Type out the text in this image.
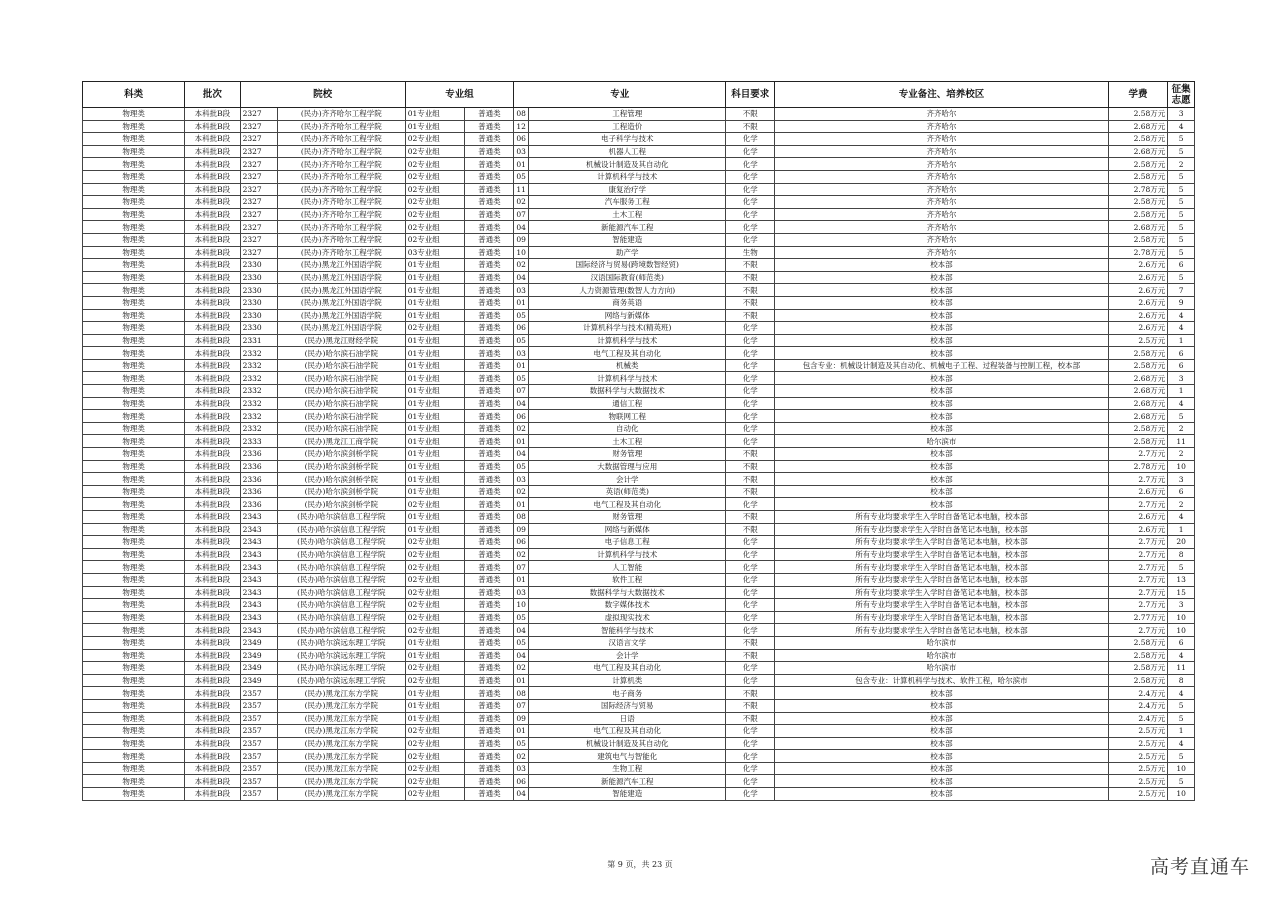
科类	批次	院校		专业组		专业		科目要求	专业备注、培养校区	学费	征集志愿
物理类	本科批B段	2327	(民办)齐齐哈尔工程学院	01专业组	普通类	08	工程管理	不限	齐齐哈尔	2.58万元	3
物理类	本科批B段	2327	(民办)齐齐哈尔工程学院	01专业组	普通类	12	工程造价	不限	齐齐哈尔	2.68万元	4
物理类	本科批B段	2327	(民办)齐齐哈尔工程学院	02专业组	普通类	06	电子科学与技术	化学	齐齐哈尔	2.58万元	5
物理类	本科批B段	2327	(民办)齐齐哈尔工程学院	02专业组	普通类	03	机器人工程	化学	齐齐哈尔	2.68万元	5
物理类	本科批B段	2327	(民办)齐齐哈尔工程学院	02专业组	普通类	01	机械设计制造及其自动化	化学	齐齐哈尔	2.58万元	2
物理类	本科批B段	2327	(民办)齐齐哈尔工程学院	02专业组	普通类	05	计算机科学与技术	化学	齐齐哈尔	2.58万元	5
物理类	本科批B段	2327	(民办)齐齐哈尔工程学院	02专业组	普通类	11	康复治疗学	化学	齐齐哈尔	2.78万元	5
物理类	本科批B段	2327	(民办)齐齐哈尔工程学院	02专业组	普通类	02	汽车服务工程	化学	齐齐哈尔	2.58万元	5
物理类	本科批B段	2327	(民办)齐齐哈尔工程学院	02专业组	普通类	07	土木工程	化学	齐齐哈尔	2.58万元	5
物理类	本科批B段	2327	(民办)齐齐哈尔工程学院	02专业组	普通类	04	新能源汽车工程	化学	齐齐哈尔	2.68万元	5
物理类	本科批B段	2327	(民办)齐齐哈尔工程学院	02专业组	普通类	09	智能建造	化学	齐齐哈尔	2.58万元	5
物理类	本科批B段	2327	(民办)齐齐哈尔工程学院	03专业组	普通类	10	助产学	生物	齐齐哈尔	2.78万元	5
物理类	本科批B段	2330	(民办)黑龙江外国语学院	01专业组	普通类	02	国际经济与贸易(跨境数智经贸)	不限	校本部	2.6万元	6
物理类	本科批B段	2330	(民办)黑龙江外国语学院	01专业组	普通类	04	汉语国际教育(师范类)	不限	校本部	2.6万元	5
物理类	本科批B段	2330	(民办)黑龙江外国语学院	01专业组	普通类	03	人力资源管理(数智人力方向)	不限	校本部	2.6万元	7
物理类	本科批B段	2330	(民办)黑龙江外国语学院	01专业组	普通类	01	商务英语	不限	校本部	2.6万元	9
物理类	本科批B段	2330	(民办)黑龙江外国语学院	01专业组	普通类	05	网络与新媒体	不限	校本部	2.6万元	4
物理类	本科批B段	2330	(民办)黑龙江外国语学院	02专业组	普通类	06	计算机科学与技术(精英班)	化学	校本部	2.6万元	4
物理类	本科批B段	2331	(民办)黑龙江财经学院	01专业组	普通类	05	计算机科学与技术	化学	校本部	2.5万元	1
物理类	本科批B段	2332	(民办)哈尔滨石油学院	01专业组	普通类	03	电气工程及其自动化	化学	校本部	2.58万元	6
物理类	本科批B段	2332	(民办)哈尔滨石油学院	01专业组	普通类	01	机械类	化学	包含专业：机械设计制造及其自动化、机械电子工程、过程装备与控制工程，校本部	2.58万元	6
物理类	本科批B段	2332	(民办)哈尔滨石油学院	01专业组	普通类	05	计算机科学与技术	化学	校本部	2.68万元	3
物理类	本科批B段	2332	(民办)哈尔滨石油学院	01专业组	普通类	07	数据科学与大数据技术	化学	校本部	2.68万元	1
物理类	本科批B段	2332	(民办)哈尔滨石油学院	01专业组	普通类	04	通信工程	化学	校本部	2.68万元	4
物理类	本科批B段	2332	(民办)哈尔滨石油学院	01专业组	普通类	06	物联网工程	化学	校本部	2.68万元	5
物理类	本科批B段	2332	(民办)哈尔滨石油学院	01专业组	普通类	02	自动化	化学	校本部	2.58万元	2
物理类	本科批B段	2333	(民办)黑龙江工商学院	01专业组	普通类	01	土木工程	化学	哈尔滨市	2.58万元	11
物理类	本科批B段	2336	(民办)哈尔滨剑桥学院	01专业组	普通类	04	财务管理	不限	校本部	2.7万元	2
物理类	本科批B段	2336	(民办)哈尔滨剑桥学院	01专业组	普通类	05	大数据管理与应用	不限	校本部	2.78万元	10
物理类	本科批B段	2336	(民办)哈尔滨剑桥学院	01专业组	普通类	03	会计学	不限	校本部	2.7万元	3
物理类	本科批B段	2336	(民办)哈尔滨剑桥学院	01专业组	普通类	02	英语(师范类)	不限	校本部	2.6万元	6
物理类	本科批B段	2336	(民办)哈尔滨剑桥学院	02专业组	普通类	01	电气工程及其自动化	化学	校本部	2.7万元	2
物理类	本科批B段	2343	(民办)哈尔滨信息工程学院	01专业组	普通类	08	财务管理	不限	所有专业均要求学生入学时自备笔记本电脑，校本部	2.6万元	4
物理类	本科批B段	2343	(民办)哈尔滨信息工程学院	01专业组	普通类	09	网络与新媒体	不限	所有专业均要求学生入学时自备笔记本电脑，校本部	2.6万元	1
物理类	本科批B段	2343	(民办)哈尔滨信息工程学院	02专业组	普通类	06	电子信息工程	化学	所有专业均要求学生入学时自备笔记本电脑，校本部	2.7万元	20
物理类	本科批B段	2343	(民办)哈尔滨信息工程学院	02专业组	普通类	02	计算机科学与技术	化学	所有专业均要求学生入学时自备笔记本电脑，校本部	2.7万元	8
物理类	本科批B段	2343	(民办)哈尔滨信息工程学院	02专业组	普通类	07	人工智能	化学	所有专业均要求学生入学时自备笔记本电脑，校本部	2.7万元	5
物理类	本科批B段	2343	(民办)哈尔滨信息工程学院	02专业组	普通类	01	软件工程	化学	所有专业均要求学生入学时自备笔记本电脑，校本部	2.7万元	13
物理类	本科批B段	2343	(民办)哈尔滨信息工程学院	02专业组	普通类	03	数据科学与大数据技术	化学	所有专业均要求学生入学时自备笔记本电脑，校本部	2.7万元	15
物理类	本科批B段	2343	(民办)哈尔滨信息工程学院	02专业组	普通类	10	数字媒体技术	化学	所有专业均要求学生入学时自备笔记本电脑，校本部	2.7万元	3
物理类	本科批B段	2343	(民办)哈尔滨信息工程学院	02专业组	普通类	05	虚拟现实技术	化学	所有专业均要求学生入学时自备笔记本电脑，校本部	2.77万元	10
物理类	本科批B段	2343	(民办)哈尔滨信息工程学院	02专业组	普通类	04	智能科学与技术	化学	所有专业均要求学生入学时自备笔记本电脑，校本部	2.7万元	10
物理类	本科批B段	2349	(民办)哈尔滨远东理工学院	01专业组	普通类	05	汉语言文学	不限	哈尔滨市	2.58万元	6
物理类	本科批B段	2349	(民办)哈尔滨远东理工学院	01专业组	普通类	04	会计学	不限	哈尔滨市	2.58万元	4
物理类	本科批B段	2349	(民办)哈尔滨远东理工学院	02专业组	普通类	02	电气工程及其自动化	化学	哈尔滨市	2.58万元	11
物理类	本科批B段	2349	(民办)哈尔滨远东理工学院	02专业组	普通类	01	计算机类	化学	包含专业：计算机科学与技术、软件工程，哈尔滨市	2.58万元	8
物理类	本科批B段	2357	(民办)黑龙江东方学院	01专业组	普通类	08	电子商务	不限	校本部	2.4万元	4
物理类	本科批B段	2357	(民办)黑龙江东方学院	01专业组	普通类	07	国际经济与贸易	不限	校本部	2.4万元	5
物理类	本科批B段	2357	(民办)黑龙江东方学院	01专业组	普通类	09	日语	不限	校本部	2.4万元	5
物理类	本科批B段	2357	(民办)黑龙江东方学院	02专业组	普通类	01	电气工程及其自动化	化学	校本部	2.5万元	1
物理类	本科批B段	2357	(民办)黑龙江东方学院	02专业组	普通类	05	机械设计制造及其自动化	化学	校本部	2.5万元	4
物理类	本科批B段	2357	(民办)黑龙江东方学院	02专业组	普通类	02	建筑电气与智能化	化学	校本部	2.5万元	5
物理类	本科批B段	2357	(民办)黑龙江东方学院	02专业组	普通类	03	生物工程	化学	校本部	2.5万元	10
物理类	本科批B段	2357	(民办)黑龙江东方学院	02专业组	普通类	06	新能源汽车工程	化学	校本部	2.5万元	5
物理类	本科批B段	2357	(民办)黑龙江东方学院	02专业组	普通类	04	智能建造	化学	校本部	2.5万元	10
第 9 页，共 23 页	高考直通车
